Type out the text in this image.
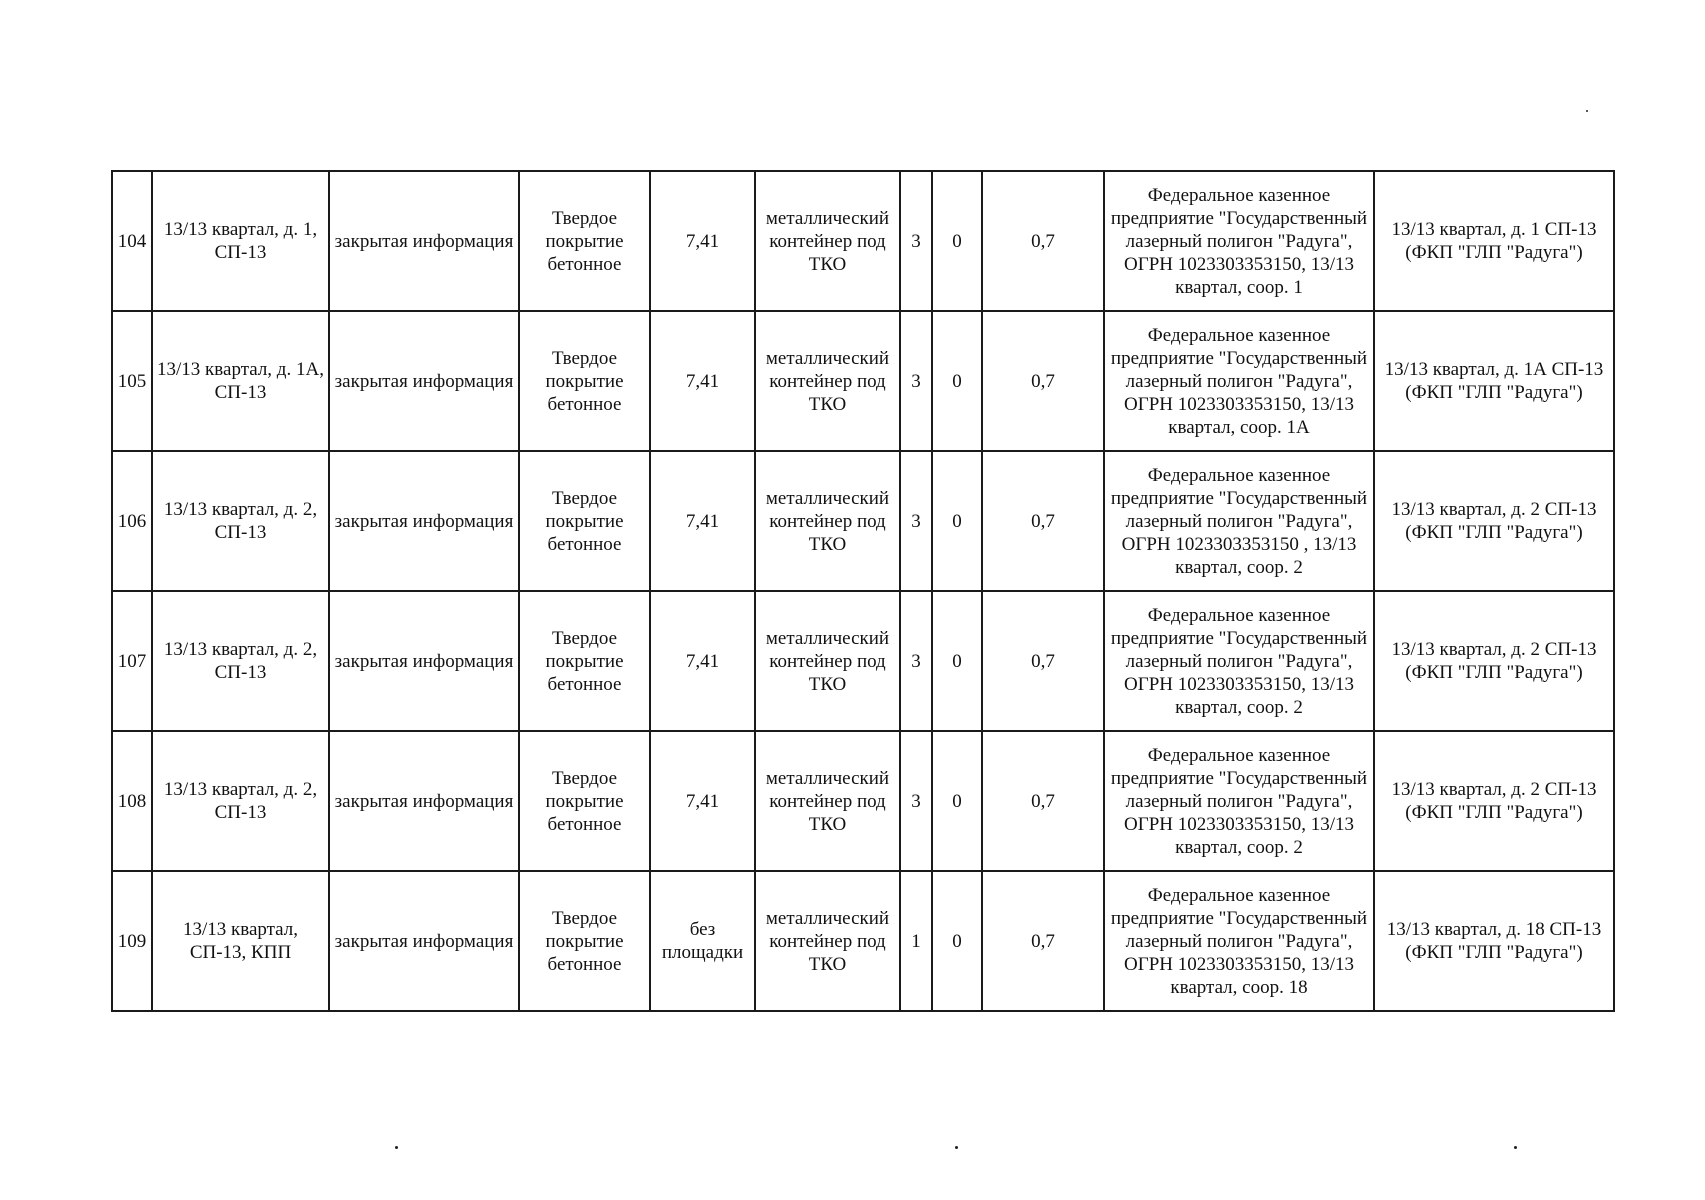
104	13/13 квартал, д. 1, СП-13	закрытая информация	Твердое покрытие бетонное	7,41	металлический контейнер под ТКО	3	0	0,7	Федеральное казенное предприятие "Государственный лазерный полигон "Радуга", ОГРН 1023303353150, 13/13 квартал, соор. 1	13/13 квартал, д. 1 СП-13 (ФКП "ГЛП "Радуга")
105	13/13 квартал, д. 1А, СП-13	закрытая информация	Твердое покрытие бетонное	7,41	металлический контейнер под ТКО	3	0	0,7	Федеральное казенное предприятие "Государственный лазерный полигон "Радуга", ОГРН 1023303353150, 13/13 квартал, соор. 1А	13/13 квартал, д. 1А СП-13 (ФКП "ГЛП "Радуга")
106	13/13 квартал, д. 2, СП-13	закрытая информация	Твердое покрытие бетонное	7,41	металлический контейнер под ТКО	3	0	0,7	Федеральное казенное предприятие "Государственный лазерный полигон "Радуга", ОГРН 1023303353150 , 13/13 квартал, соор. 2	13/13 квартал, д. 2 СП-13 (ФКП "ГЛП "Радуга")
107	13/13 квартал, д. 2, СП-13	закрытая информация	Твердое покрытие бетонное	7,41	металлический контейнер под ТКО	3	0	0,7	Федеральное казенное предприятие "Государственный лазерный полигон "Радуга", ОГРН 1023303353150, 13/13 квартал, соор. 2	13/13 квартал, д. 2 СП-13 (ФКП "ГЛП "Радуга")
108	13/13 квартал, д. 2, СП-13	закрытая информация	Твердое покрытие бетонное	7,41	металлический контейнер под ТКО	3	0	0,7	Федеральное казенное предприятие "Государственный лазерный полигон "Радуга", ОГРН 1023303353150, 13/13 квартал, соор. 2	13/13 квартал, д. 2 СП-13 (ФКП "ГЛП "Радуга")
109	13/13 квартал, СП-13, КПП	закрытая информация	Твердое покрытие бетонное	без площадки	металлический контейнер под ТКО	1	0	0,7	Федеральное казенное предприятие "Государственный лазерный полигон "Радуга", ОГРН 1023303353150, 13/13 квартал, соор. 18	13/13 квартал, д. 18 СП-13 (ФКП "ГЛП "Радуга")
